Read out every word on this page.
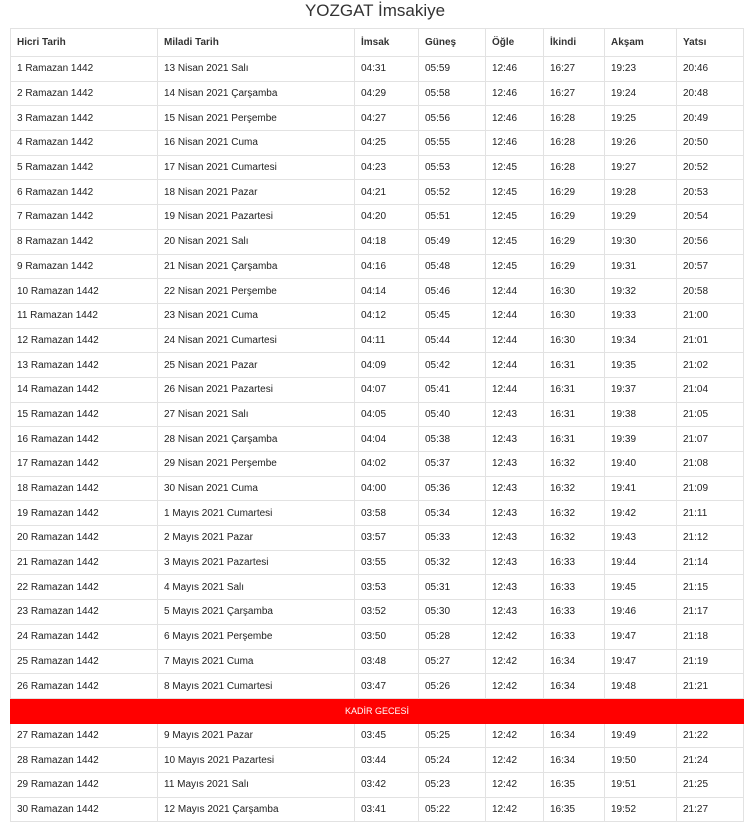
YOZGAT İmsakiye
Hicri Tarih	Miladi Tarih	İmsak	Güneş	Öğle	İkindi	Akşam	Yatsı
1 Ramazan 1442	13 Nisan 2021 Salı	04:31	05:59	12:46	16:27	19:23	20:46
2 Ramazan 1442	14 Nisan 2021 Çarşamba	04:29	05:58	12:46	16:27	19:24	20:48
3 Ramazan 1442	15 Nisan 2021 Perşembe	04:27	05:56	12:46	16:28	19:25	20:49
4 Ramazan 1442	16 Nisan 2021 Cuma	04:25	05:55	12:46	16:28	19:26	20:50
5 Ramazan 1442	17 Nisan 2021 Cumartesi	04:23	05:53	12:45	16:28	19:27	20:52
6 Ramazan 1442	18 Nisan 2021 Pazar	04:21	05:52	12:45	16:29	19:28	20:53
7 Ramazan 1442	19 Nisan 2021 Pazartesi	04:20	05:51	12:45	16:29	19:29	20:54
8 Ramazan 1442	20 Nisan 2021 Salı	04:18	05:49	12:45	16:29	19:30	20:56
9 Ramazan 1442	21 Nisan 2021 Çarşamba	04:16	05:48	12:45	16:29	19:31	20:57
10 Ramazan 1442	22 Nisan 2021 Perşembe	04:14	05:46	12:44	16:30	19:32	20:58
11 Ramazan 1442	23 Nisan 2021 Cuma	04:12	05:45	12:44	16:30	19:33	21:00
12 Ramazan 1442	24 Nisan 2021 Cumartesi	04:11	05:44	12:44	16:30	19:34	21:01
13 Ramazan 1442	25 Nisan 2021 Pazar	04:09	05:42	12:44	16:31	19:35	21:02
14 Ramazan 1442	26 Nisan 2021 Pazartesi	04:07	05:41	12:44	16:31	19:37	21:04
15 Ramazan 1442	27 Nisan 2021 Salı	04:05	05:40	12:43	16:31	19:38	21:05
16 Ramazan 1442	28 Nisan 2021 Çarşamba	04:04	05:38	12:43	16:31	19:39	21:07
17 Ramazan 1442	29 Nisan 2021 Perşembe	04:02	05:37	12:43	16:32	19:40	21:08
18 Ramazan 1442	30 Nisan 2021 Cuma	04:00	05:36	12:43	16:32	19:41	21:09
19 Ramazan 1442	1 Mayıs 2021 Cumartesi	03:58	05:34	12:43	16:32	19:42	21:11
20 Ramazan 1442	2 Mayıs 2021 Pazar	03:57	05:33	12:43	16:32	19:43	21:12
21 Ramazan 1442	3 Mayıs 2021 Pazartesi	03:55	05:32	12:43	16:33	19:44	21:14
22 Ramazan 1442	4 Mayıs 2021 Salı	03:53	05:31	12:43	16:33	19:45	21:15
23 Ramazan 1442	5 Mayıs 2021 Çarşamba	03:52	05:30	12:43	16:33	19:46	21:17
24 Ramazan 1442	6 Mayıs 2021 Perşembe	03:50	05:28	12:42	16:33	19:47	21:18
25 Ramazan 1442	7 Mayıs 2021 Cuma	03:48	05:27	12:42	16:34	19:47	21:19
26 Ramazan 1442	8 Mayıs 2021 Cumartesi	03:47	05:26	12:42	16:34	19:48	21:21
KADİR GECESİ							
27 Ramazan 1442	9 Mayıs 2021 Pazar	03:45	05:25	12:42	16:34	19:49	21:22
28 Ramazan 1442	10 Mayıs 2021 Pazartesi	03:44	05:24	12:42	16:34	19:50	21:24
29 Ramazan 1442	11 Mayıs 2021 Salı	03:42	05:23	12:42	16:35	19:51	21:25
30 Ramazan 1442	12 Mayıs 2021 Çarşamba	03:41	05:22	12:42	16:35	19:52	21:27
